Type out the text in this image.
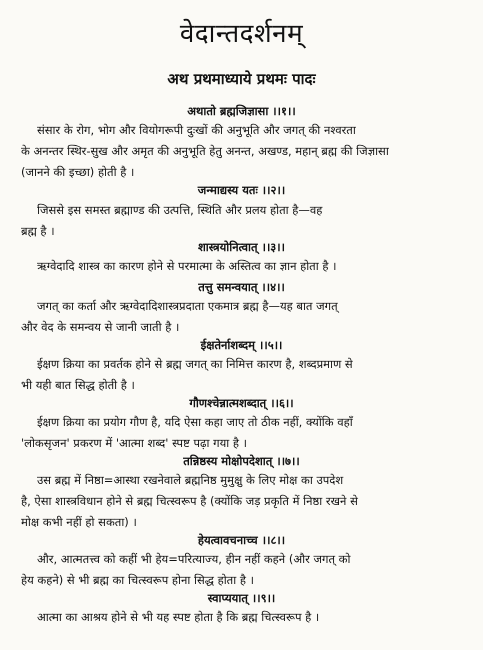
वेदान्तदर्शनम्
अथ प्रथमाध्याये प्रथमः पादः
अथातो ब्रह्मजिज्ञासा ।।१।।
संसार के रोग, भोग और वियोगरूपी दुःखों की अनुभूति और जगत् की नश्वरता
के अनन्तर स्थिर-सुख और अमृत की अनुभूति हेतु अनन्त, अखण्ड, महान् ब्रह्म की जिज्ञासा
(जानने की इच्छा) होती है ।
जन्माद्यस्य यतः ।।२।।
जिससे इस समस्त ब्रह्माण्ड की उत्पत्ति, स्थिति और प्रलय होता है—वह
ब्रह्म है ।
शास्त्रयोनित्वात् ।।३।।
ऋग्वेदादि शास्त्र का कारण होने से परमात्मा के अस्तित्व का ज्ञान होता है ।
तत्तु समन्वयात् ।।४।।
जगत् का कर्ता और ऋग्वेदादिशास्त्रप्रदाता एकमात्र ब्रह्म है—यह बात जगत्
और वेद के समन्वय से जानी जाती है ।
ईक्षतेर्नाशब्दम् ।।५।।
ईक्षण क्रिया का प्रवर्तक होने से ब्रह्म जगत् का निमित्त कारण है, शब्दप्रमाण से
भी यही बात सिद्ध होती है ।
गौणश्चेन्नात्मशब्दात् ।।६।।
ईक्षण क्रिया का प्रयोग गौण है, यदि ऐसा कहा जाए तो ठीक नहीं, क्योंकि वहाँ
'लोकसृजन' प्रकरण में 'आत्मा शब्द' स्पष्ट पढ़ा गया है ।
तन्निष्ठस्य मोक्षोपदेशात् ।।७।।
उस ब्रह्म में निष्ठा=आस्था रखनेवाले ब्रह्मनिष्ठ मुमुक्षु के लिए मोक्ष का उपदेश
है, ऐसा शास्त्रविधान होने से ब्रह्म चित्स्वरूप है (क्योंकि जड़ प्रकृति में निष्ठा रखने से
मोक्ष कभी नहीं हो सकता) ।
हेयत्वावचनाच्च ।।८।।
और, आत्मतत्त्व को कहीं भी हेय=परित्याज्य, हीन नहीं कहने (और जगत् को
हेय कहने) से भी ब्रह्म का चित्स्वरूप होना सिद्ध होता है ।
स्वाप्ययात् ।।९।।
आत्मा का आश्रय होने से भी यह स्पष्ट होता है कि ब्रह्म चित्स्वरूप है ।
